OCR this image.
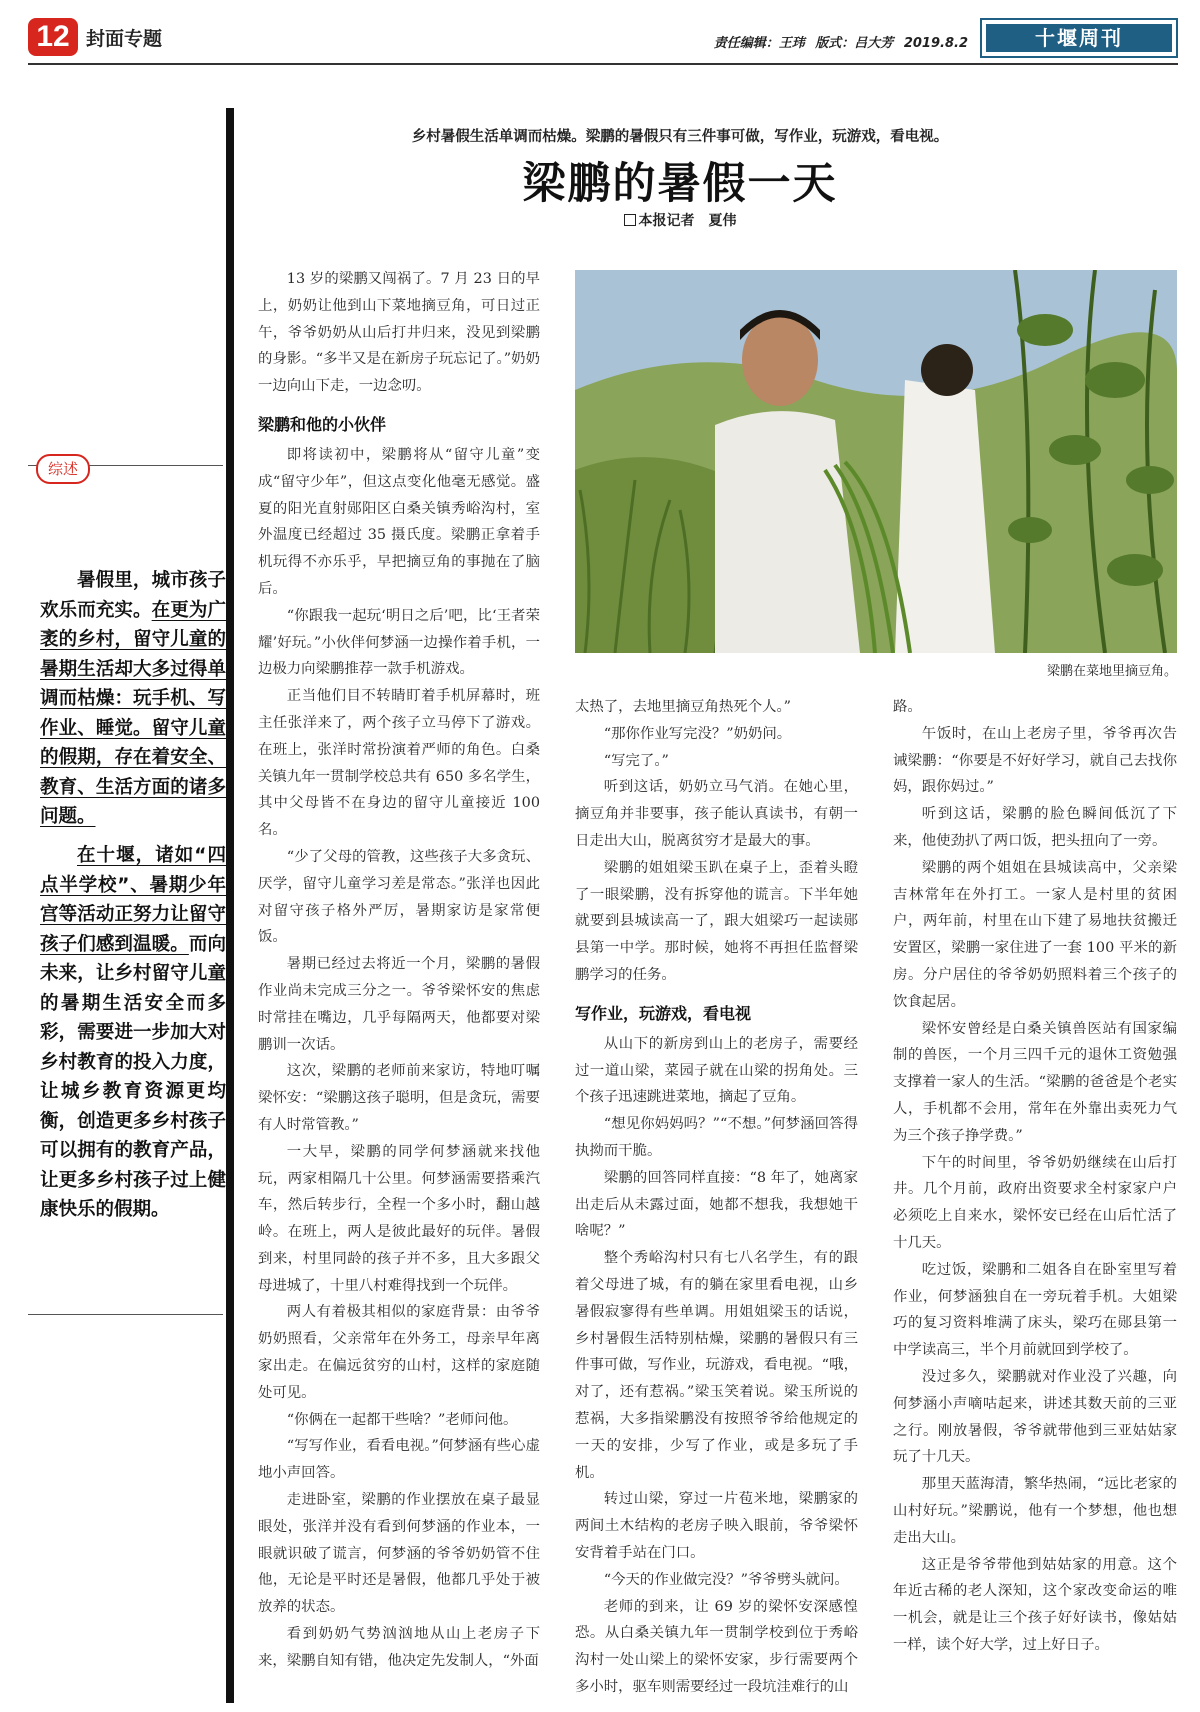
12 封面专题	责任编辑：王玮 版式：吕大芳 2019.8.2	十堰周刊
综述
暑假里，城市孩子欢乐而充实。在更为广袤的乡村，留守儿童的暑期生活却大多过得单调而枯燥：玩手机、写作业、睡觉。留守儿童的假期，存在着安全、教育、生活方面的诸多问题。
在十堰，诸如“四点半学校”、暑期少年宫等活动正努力让留守孩子们感到温暖。而向未来，让乡村留守儿童的暑期生活安全而多彩，需要进一步加大对乡村教育的投入力度，让城乡教育资源更均衡，创造更多乡村孩子可以拥有的教育产品，让更多乡村孩子过上健康快乐的假期。
乡村暑假生活单调而枯燥。梁鹏的暑假只有三件事可做，写作业，玩游戏，看电视。
梁鹏的暑假一天
本报记者　夏伟
梁鹏在菜地里摘豆角。

13 岁的梁鹏又闯祸了。7 月 23 日的早上，奶奶让他到山下菜地摘豆角，可日过正午，爷爷奶奶从山后打井归来，没见到梁鹏的身影。“多半又是在新房子玩忘记了。”奶奶一边向山下走，一边念叨。

梁鹏和他的小伙伴

即将读初中，梁鹏将从“留守儿童”变成“留守少年”，但这点变化他毫无感觉。盛夏的阳光直射郧阳区白桑关镇秀峪沟村，室外温度已经超过 35 摄氏度。梁鹏正拿着手机玩得不亦乐乎，早把摘豆角的事抛在了脑后。

“你跟我一起玩‘明日之后’吧，比‘王者荣耀’好玩。”小伙伴何梦涵一边操作着手机，一边极力向梁鹏推荐一款手机游戏。

正当他们目不转睛盯着手机屏幕时，班主任张洋来了，两个孩子立马停下了游戏。在班上，张洋时常扮演着严师的角色。白桑关镇九年一贯制学校总共有 650 多名学生，其中父母皆不在身边的留守儿童接近 100 名。

“少了父母的管教，这些孩子大多贪玩、厌学，留守儿童学习差是常态。”张洋也因此对留守孩子格外严厉，暑期家访是家常便饭。

暑期已经过去将近一个月，梁鹏的暑假作业尚未完成三分之一。爷爷梁怀安的焦虑时常挂在嘴边，几乎每隔两天，他都要对梁鹏训一次话。

这次，梁鹏的老师前来家访，特地叮嘱梁怀安：“梁鹏这孩子聪明，但是贪玩，需要有人时常管教。”

一大早，梁鹏的同学何梦涵就来找他玩，两家相隔几十公里。何梦涵需要搭乘汽车，然后转步行，全程一个多小时，翻山越岭。在班上，两人是彼此最好的玩伴。暑假到来，村里同龄的孩子并不多，且大多跟父母进城了，十里八村难得找到一个玩伴。

两人有着极其相似的家庭背景：由爷爷奶奶照看，父亲常年在外务工，母亲早年离家出走。在偏远贫穷的山村，这样的家庭随处可见。

“你俩在一起都干些啥？”老师问他。

“写写作业，看看电视。”何梦涵有些心虚地小声回答。

走进卧室，梁鹏的作业摆放在桌子最显眼处，张洋并没有看到何梦涵的作业本，一眼就识破了谎言，何梦涵的爷爷奶奶管不住他，无论是平时还是暑假，他都几乎处于被放养的状态。

看到奶奶气势汹汹地从山上老房子下来，梁鹏自知有错，他决定先发制人，“外面

太热了，去地里摘豆角热死个人。”

“那你作业写完没？”奶奶问。

“写完了。”

听到这话，奶奶立马气消。在她心里，摘豆角并非要事，孩子能认真读书，有朝一日走出大山，脱离贫穷才是最大的事。

梁鹏的姐姐梁玉趴在桌子上，歪着头瞪了一眼梁鹏，没有拆穿他的谎言。下半年她就要到县城读高一了，跟大姐梁巧一起读郧县第一中学。那时候，她将不再担任监督梁鹏学习的任务。

写作业，玩游戏，看电视

从山下的新房到山上的老房子，需要经过一道山梁，菜园子就在山梁的拐角处。三个孩子迅速跳进菜地，摘起了豆角。

“想见你妈妈吗？”“不想。”何梦涵回答得执拗而干脆。

梁鹏的回答同样直接：“8 年了，她离家出走后从未露过面，她都不想我，我想她干啥呢？”

整个秀峪沟村只有七八名学生，有的跟着父母进了城，有的躺在家里看电视，山乡暑假寂寥得有些单调。用姐姐梁玉的话说，乡村暑假生活特别枯燥，梁鹏的暑假只有三件事可做，写作业，玩游戏，看电视。“哦，对了，还有惹祸。”梁玉笑着说。梁玉所说的惹祸，大多指梁鹏没有按照爷爷给他规定的一天的安排，少写了作业，或是多玩了手机。

转过山梁，穿过一片苞米地，梁鹏家的两间土木结构的老房子映入眼前，爷爷梁怀安背着手站在门口。

“今天的作业做完没？”爷爷劈头就问。

老师的到来，让 69 岁的梁怀安深感惶恐。从白桑关镇九年一贯制学校到位于秀峪沟村一处山梁上的梁怀安家，步行需要两个多小时，驱车则需要经过一段坑洼难行的山

路。

午饭时，在山上老房子里，爷爷再次告诫梁鹏：“你要是不好好学习，就自己去找你妈，跟你妈过。”

听到这话，梁鹏的脸色瞬间低沉了下来，他使劲扒了两口饭，把头扭向了一旁。

梁鹏的两个姐姐在县城读高中，父亲梁吉林常年在外打工。一家人是村里的贫困户，两年前，村里在山下建了易地扶贫搬迁安置区，梁鹏一家住进了一套 100 平米的新房。分户居住的爷爷奶奶照料着三个孩子的饮食起居。

梁怀安曾经是白桑关镇兽医站有国家编制的兽医，一个月三四千元的退休工资勉强支撑着一家人的生活。“梁鹏的爸爸是个老实人，手机都不会用，常年在外靠出卖死力气为三个孩子挣学费。”

下午的时间里，爷爷奶奶继续在山后打井。几个月前，政府出资要求全村家家户户必须吃上自来水，梁怀安已经在山后忙活了十几天。

吃过饭，梁鹏和二姐各自在卧室里写着作业，何梦涵独自在一旁玩着手机。大姐梁巧的复习资料堆满了床头，梁巧在郧县第一中学读高三，半个月前就回到学校了。

没过多久，梁鹏就对作业没了兴趣，向何梦涵小声嘀咕起来，讲述其数天前的三亚之行。刚放暑假，爷爷就带他到三亚姑姑家玩了十几天。

那里天蓝海清，繁华热闹，“远比老家的山村好玩。”梁鹏说，他有一个梦想，他也想走出大山。

这正是爷爷带他到姑姑家的用意。这个年近古稀的老人深知，这个家改变命运的唯一机会，就是让三个孩子好好读书，像姑姑一样，读个好大学，过上好日子。
